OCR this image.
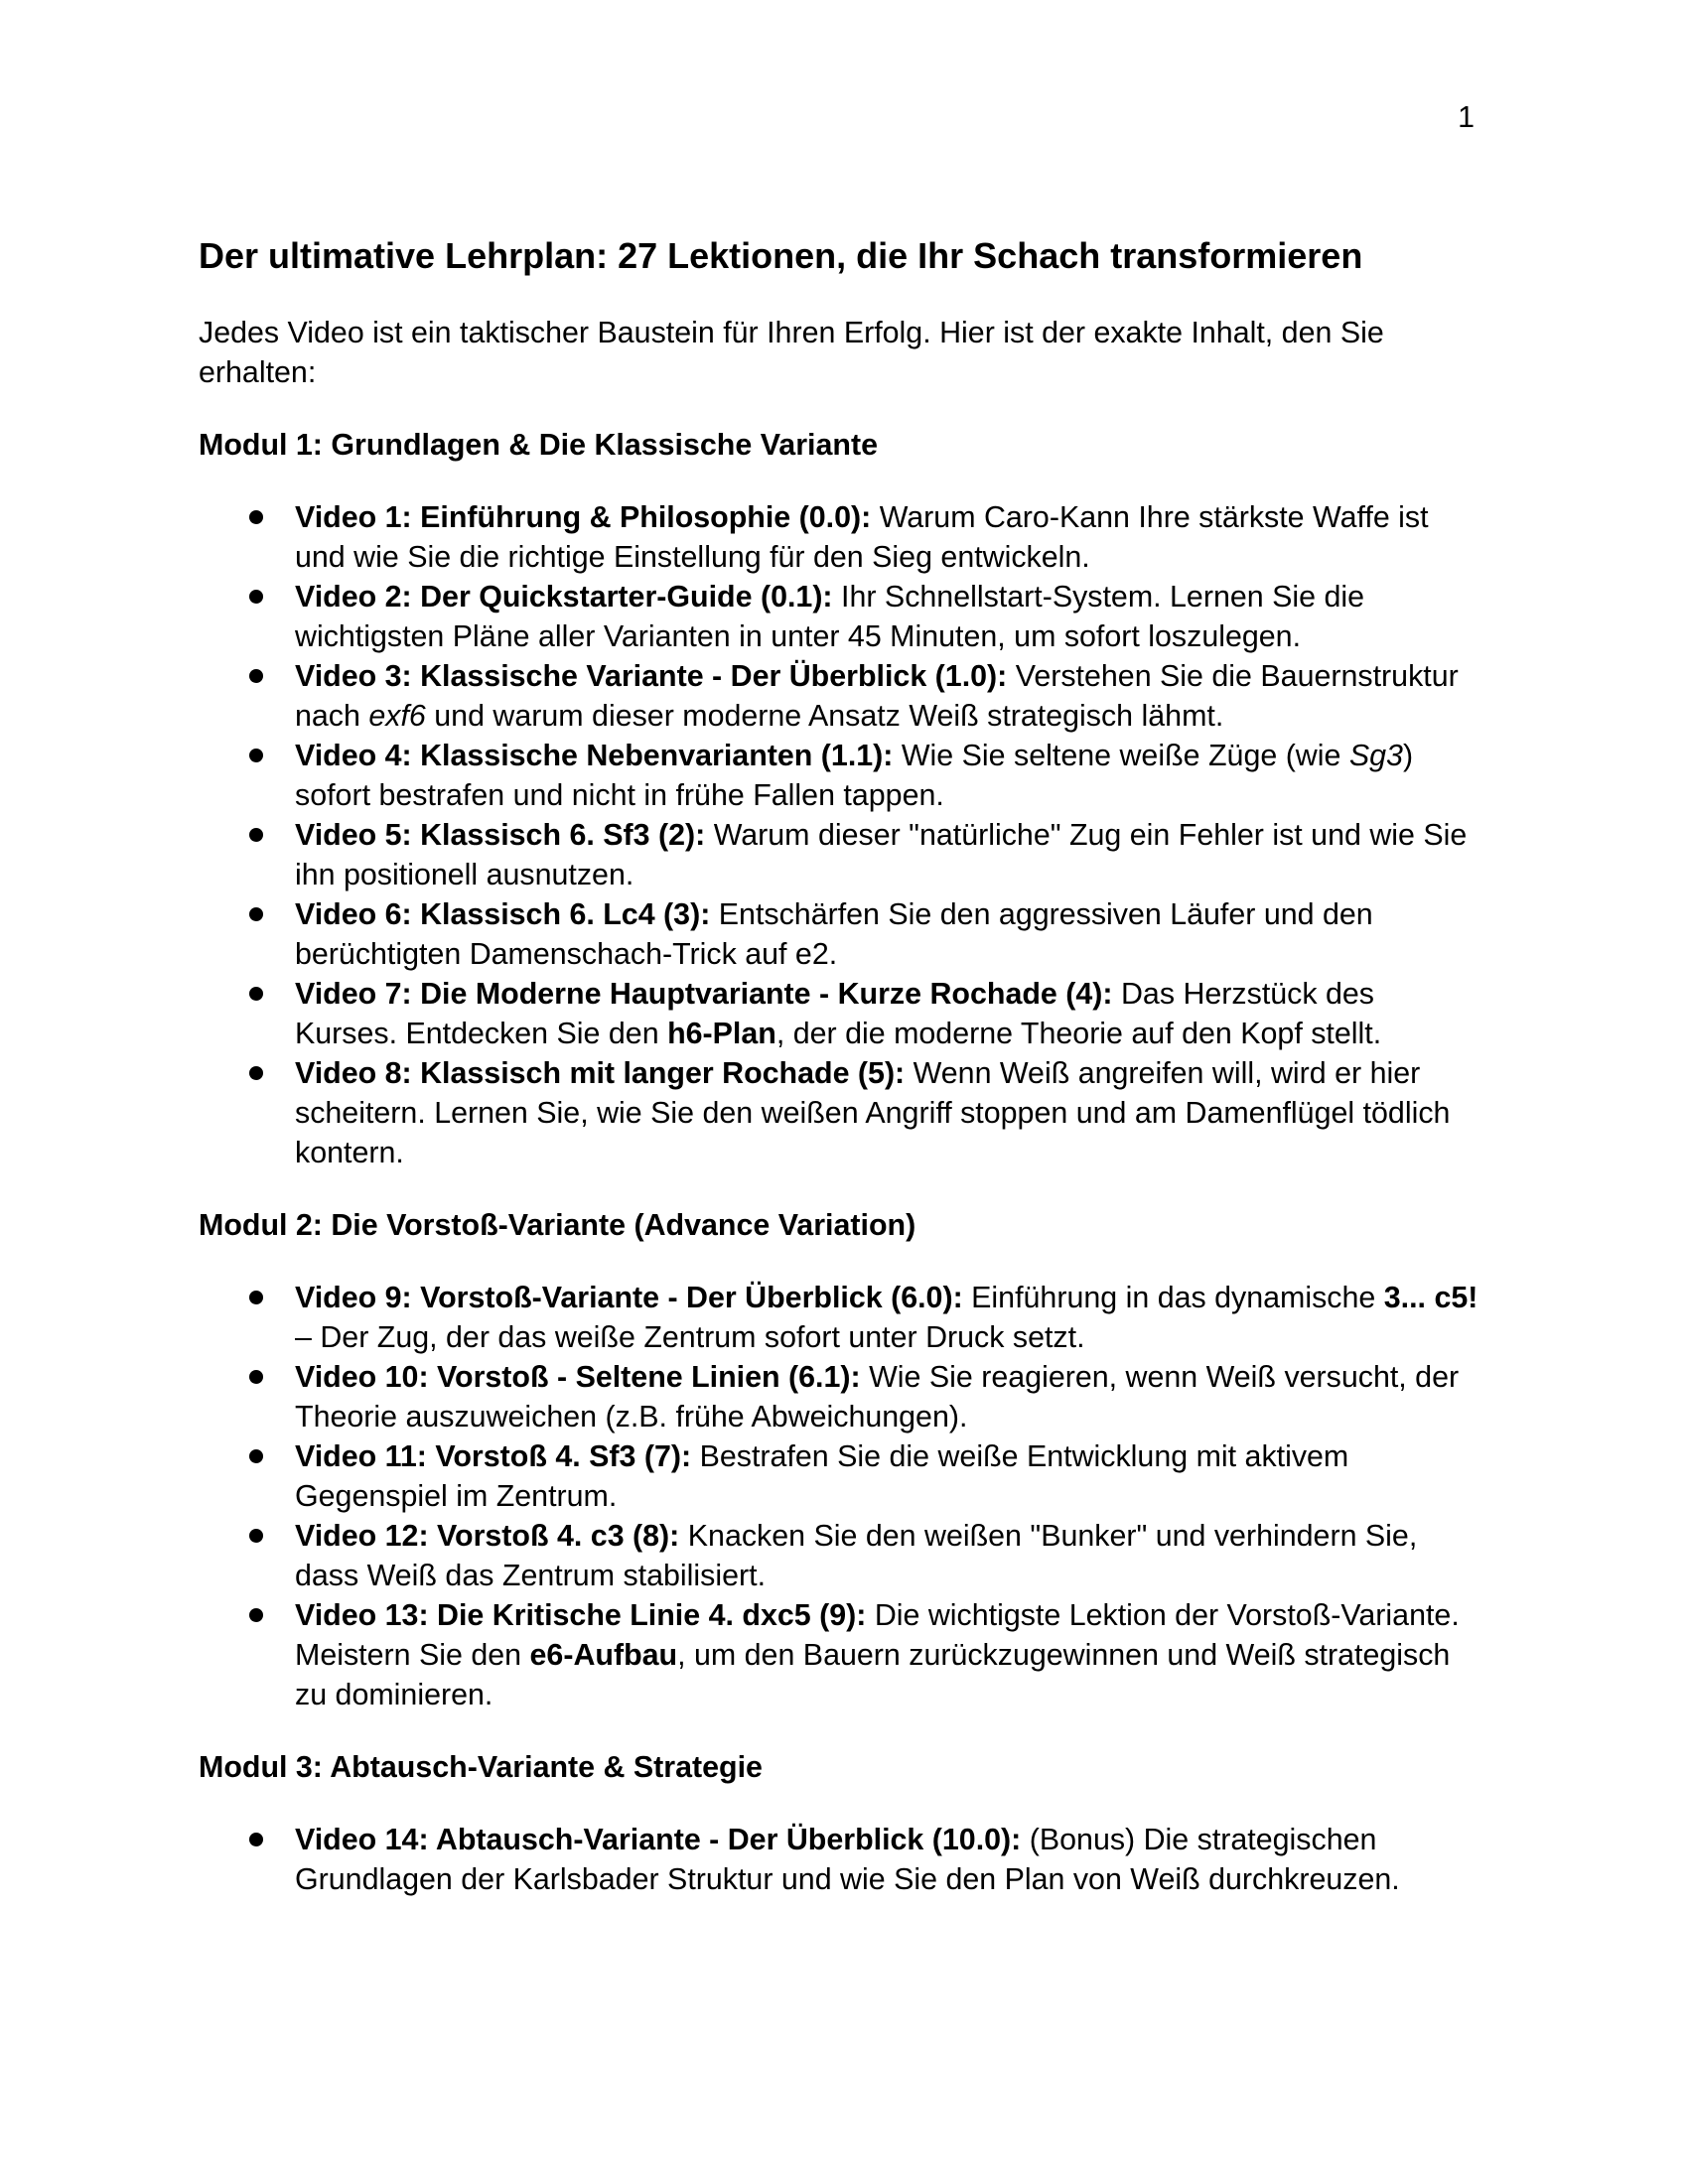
1
Der ultimative Lehrplan: 27 Lektionen, die Ihr Schach transformieren

Jedes Video ist ein taktischer Baustein für Ihren Erfolg. Hier ist der exakte Inhalt, den Sie erhalten:

Modul 1: Grundlagen & Die Klassische Variante
Video 1: Einführung & Philosophie (0.0): Warum Caro-Kann Ihre stärkste Waffe ist
und wie Sie die richtige Einstellung für den Sieg entwickeln.
Video 2: Der Quickstarter-Guide (0.1): Ihr Schnellstart-System. Lernen Sie die
wichtigsten Pläne aller Varianten in unter 45 Minuten, um sofort loszulegen.
Video 3: Klassische Variante - Der Überblick (1.0): Verstehen Sie die Bauernstruktur
nach exf6 und warum dieser moderne Ansatz Weiß strategisch lähmt.
Video 4: Klassische Nebenvarianten (1.1): Wie Sie seltene weiße Züge (wie Sg3)
sofort bestrafen und nicht in frühe Fallen tappen.
Video 5: Klassisch 6. Sf3 (2): Warum dieser "natürliche" Zug ein Fehler ist und wie Sie
ihn positionell ausnutzen.
Video 6: Klassisch 6. Lc4 (3): Entschärfen Sie den aggressiven Läufer und den
berüchtigten Damenschach-Trick auf e2.
Video 7: Die Moderne Hauptvariante - Kurze Rochade (4): Das Herzstück des
Kurses. Entdecken Sie den h6-Plan, der die moderne Theorie auf den Kopf stellt.
Video 8: Klassisch mit langer Rochade (5): Wenn Weiß angreifen will, wird er hier
scheitern. Lernen Sie, wie Sie den weißen Angriff stoppen und am Damenflügel tödlich
kontern.
Modul 2: Die Vorstoß-Variante (Advance Variation)
Video 9: Vorstoß-Variante - Der Überblick (6.0): Einführung in das dynamische 3... c5!
– Der Zug, der das weiße Zentrum sofort unter Druck setzt.
Video 10: Vorstoß - Seltene Linien (6.1): Wie Sie reagieren, wenn Weiß versucht, der
Theorie auszuweichen (z.B. frühe Abweichungen).
Video 11: Vorstoß 4. Sf3 (7): Bestrafen Sie die weiße Entwicklung mit aktivem
Gegenspiel im Zentrum.
Video 12: Vorstoß 4. c3 (8): Knacken Sie den weißen "Bunker" und verhindern Sie,
dass Weiß das Zentrum stabilisiert.
Video 13: Die Kritische Linie 4. dxc5 (9): Die wichtigste Lektion der Vorstoß-Variante.
Meistern Sie den e6-Aufbau, um den Bauern zurückzugewinnen und Weiß strategisch
zu dominieren.
Modul 3: Abtausch-Variante & Strategie
Video 14: Abtausch-Variante - Der Überblick (10.0): (Bonus) Die strategischen
Grundlagen der Karlsbader Struktur und wie Sie den Plan von Weiß durchkreuzen.
